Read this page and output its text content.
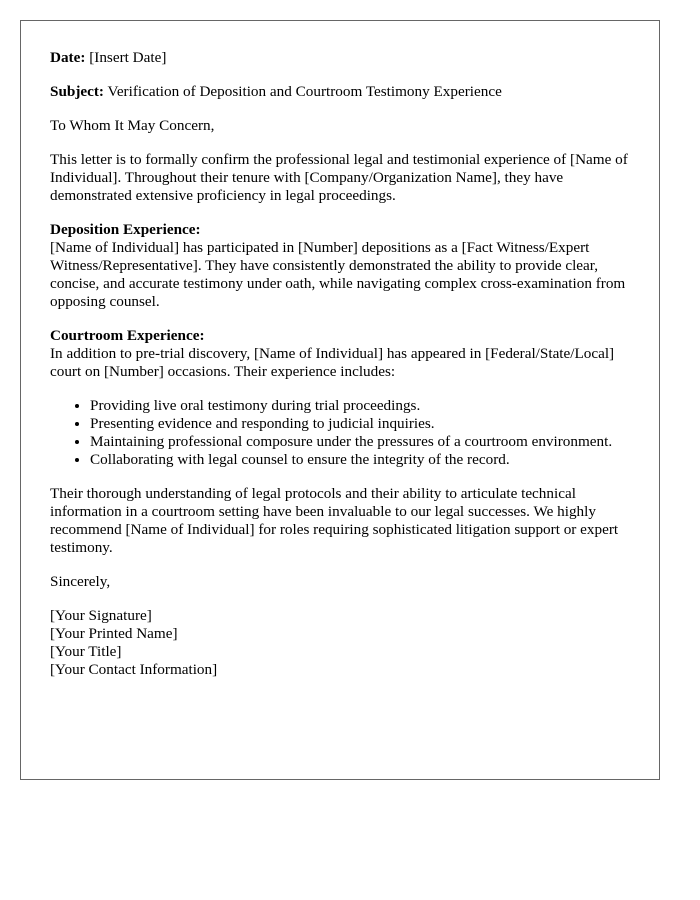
Date: [Insert Date]

Subject: Verification of Deposition and Courtroom Testimony Experience

To Whom It May Concern,

This letter is to formally confirm the professional legal and testimonial experience of [Name of Individual]. Throughout their tenure with [Company/Organization Name], they have demonstrated extensive proficiency in legal proceedings.

Deposition Experience:
[Name of Individual] has participated in [Number] depositions as a [Fact Witness/Expert Witness/Representative]. They have consistently demonstrated the ability to provide clear, concise, and accurate testimony under oath, while navigating complex cross-examination from opposing counsel.
Courtroom Experience:
In addition to pre-trial discovery, [Name of Individual] has appeared in [Federal/State/Local] court on [Number] occasions. Their experience includes:
• Providing live oral testimony during trial proceedings.
• Presenting evidence and responding to judicial inquiries.
• Maintaining professional composure under the pressures of a courtroom environment.
• Collaborating with legal counsel to ensure the integrity of the record.

Their thorough understanding of legal protocols and their ability to articulate technical information in a courtroom setting have been invaluable to our legal successes. We highly recommend [Name of Individual] for roles requiring sophisticated litigation support or expert testimony.

Sincerely,

[Your Signature]
[Your Printed Name]
[Your Title]
[Your Contact Information]
